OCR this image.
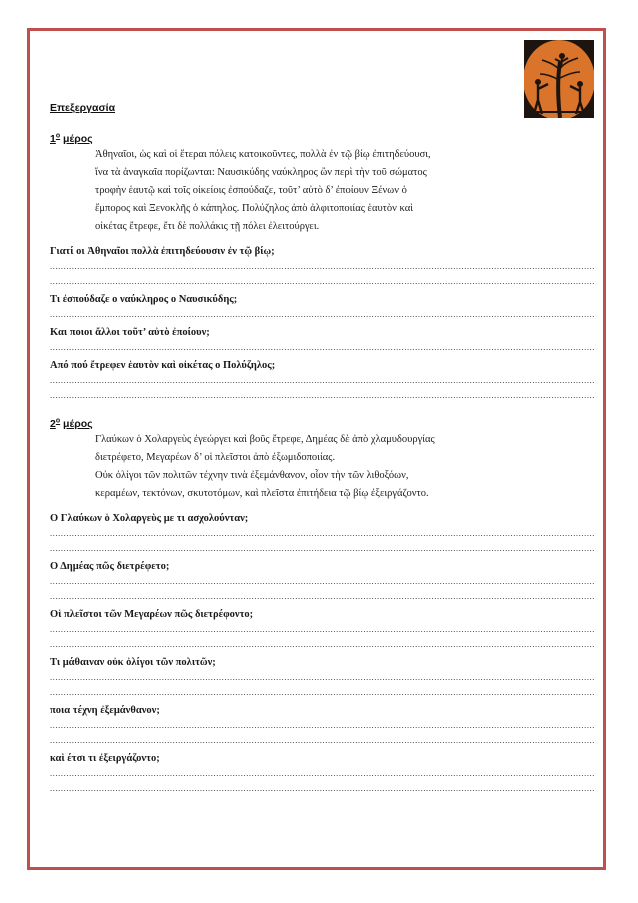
Επεξεργασία

$1^o$ μέρος

Ἀθηναῖοι, ὡς καὶ οἱ ἕτεραι πόλεις κατοικοῦντες, πολλὰ ἐν τῷ βίῳ ἐπιτηδεύουσι,
ἵνα τὰ ἀναγκαῖα πορίζωνται: Ναυσικύδης ναύκληρος ὢν περὶ τὴν τοῦ σώματος
τροφὴν ἑαυτῷ καὶ τοῖς οἰκείοις ἐσπούδαζε, τοῦτ’ αὐτὸ δ’ ἐποίουν Ξένων ὁ
ἔμπορος καὶ Ξενοκλῆς ὁ κάπηλος. Πολύζηλος ἀπὸ ἀλφιτοποιίας ἑαυτὸν καὶ
οἰκέτας ἔτρεφε, ἔτι δὲ πολλάκις τῇ πόλει ἐλειτούργει.

Γιατί οι Ἀθηναῖοι πολλὰ ἐπιτηδεύουσιν ἐν τῷ βίῳ;

.....
.....

Τι ἐσπούδαζε ο ναύκληρος ο Ναυσικύδης;

.....

Και ποιοι ἄλλοι τοῦτ’ αὐτὸ ἐποίουν;

.....

Από πού ἔτρεφεν ἑαυτὸν καὶ οἰκέτας ο Πολύζηλος;

.....
.....

$2^o$ μέρος

Γλαύκων ὁ Χολαργεὺς ἐγεώργει καὶ βοῦς ἔτρεφε, Δημέας δὲ ἀπὸ χλαμυδουργίας
διετρέφετο, Μεγαρέων δ’ οἱ πλεῖστοι ἀπὸ ἐξωμιδοποιίας.
Οὐκ ὀλίγοι τῶν πολιτῶν τέχνην τινὰ ἐξεμάνθανον, οἷον τὴν τῶν λιθοξόων,
κεραμέων, τεκτόνων, σκυτοτόμων, καὶ πλεῖστα ἐπιτήδεια τῷ βίῳ ἐξειργάζοντο.

Ο Γλαύκων ὁ Χολαργεὺς με τι ασχολούνταν;

.....
.....

Ο Δημέας πῶς διετρέφετο;

.....
.....

Οἱ πλεῖστοι τῶν Μεγαρέων πῶς διετρέφοντο;

.....
.....

Τι μάθαιναν οὐκ ὀλίγοι τῶν πολιτῶν;

.....
.....

ποια τέχνη ἐξεμάνθανον;

.....
.....

καὶ έτσι τι ἐξειργάζοντο;

.....
.....
